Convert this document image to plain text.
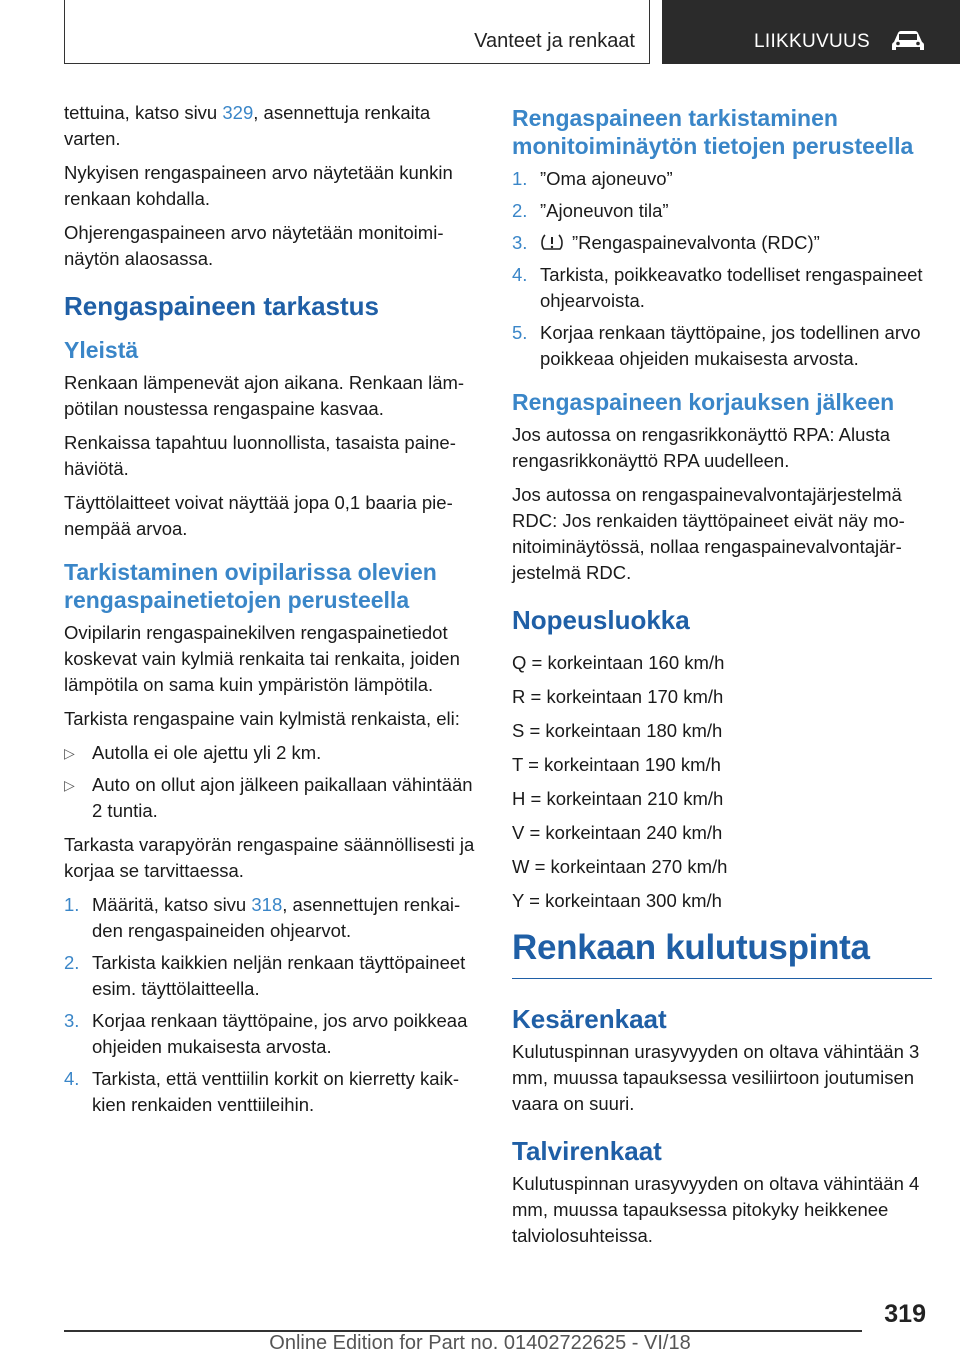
Vanteet ja renkaat	LIIKKUVUUS

tettuina, katso sivu 329, asennettuja renkaita varten.

Nykyisen rengaspaineen arvo näytetään kunkin renkaan kohdalla.

Ohjerengaspaineen arvo näytetään monitoiminäytön alaosassa.

Rengaspaineen tarkastus
Yleistä

Renkaan lämpenevät ajon aikana. Renkaan lämpötilan noustessa rengaspaine kasvaa.

Renkaissa tapahtuu luonnollista, tasaista painehäviötä.

Täyttölaitteet voivat näyttää jopa 0,1 baaria pienempää arvoa.

Tarkistaminen ovipilarissa olevien rengaspainetietojen perusteella

Ovipilarin rengaspainekilven rengaspainetiedot koskevat vain kylmiä renkaita tai renkaita, joiden lämpötila on sama kuin ympäristön lämpötila.

Tarkista rengaspaine vain kylmistä renkaista, eli:

▷ Autolla ei ole ajettu yli 2 km.
▷ Auto on ollut ajon jälkeen paikallaan vähintään 2 tuntia.

Tarkasta varapyörän rengaspaine säännöllisesti ja korjaa se tarvittaessa.

1. Määritä, katso sivu 318, asennettujen renkaiden rengaspaineiden ohjearvot.
2. Tarkista kaikkien neljän renkaan täyttöpaineet esim. täyttölaitteella.
3. Korjaa renkaan täyttöpaine, jos arvo poikkeaa ohjeiden mukaisesta arvosta.
4. Tarkista, että venttiilin korkit on kierretty kaikkien renkaiden venttiileihin.
Rengaspaineen tarkistaminen monitoiminäytön tietojen perusteella
1. ”Oma ajoneuvo”
2. ”Ajoneuvon tila”
3.	”Rengaspainevalvonta (RDC)”
4. Tarkista, poikkeavatko todelliset rengaspaineet ohjearvoista.
5. Korjaa renkaan täyttöpaine, jos todellinen arvo poikkeaa ohjeiden mukaisesta arvosta.
Rengaspaineen korjauksen jälkeen

Jos autossa on rengasrikkonäyttö RPA: Alusta rengasrikkonäyttö RPA uudelleen.

Jos autossa on rengaspainevalvontajärjestelmä RDC: Jos renkaiden täyttöpaineet eivät näy monitoiminäytössä, nollaa rengaspainevalvontajärjestelmä RDC.

Nopeusluokka

Q = korkeintaan 160 km/h

R = korkeintaan 170 km/h

S = korkeintaan 180 km/h

T = korkeintaan 190 km/h

H = korkeintaan 210 km/h

V = korkeintaan 240 km/h

W = korkeintaan 270 km/h

Y = korkeintaan 300 km/h

Renkaan kulutuspinta
Kesärenkaat

Kulutuspinnan urasyvyyden on oltava vähintään 3 mm, muussa tapauksessa vesiliirtoon joutumisen vaara on suuri.

Talvirenkaat

Kulutuspinnan urasyvyyden on oltava vähintään 4 mm, muussa tapauksessa pitokyky heikkenee talviolosuhteissa.

319
Online Edition for Part no. 01402722625 - VI/18
